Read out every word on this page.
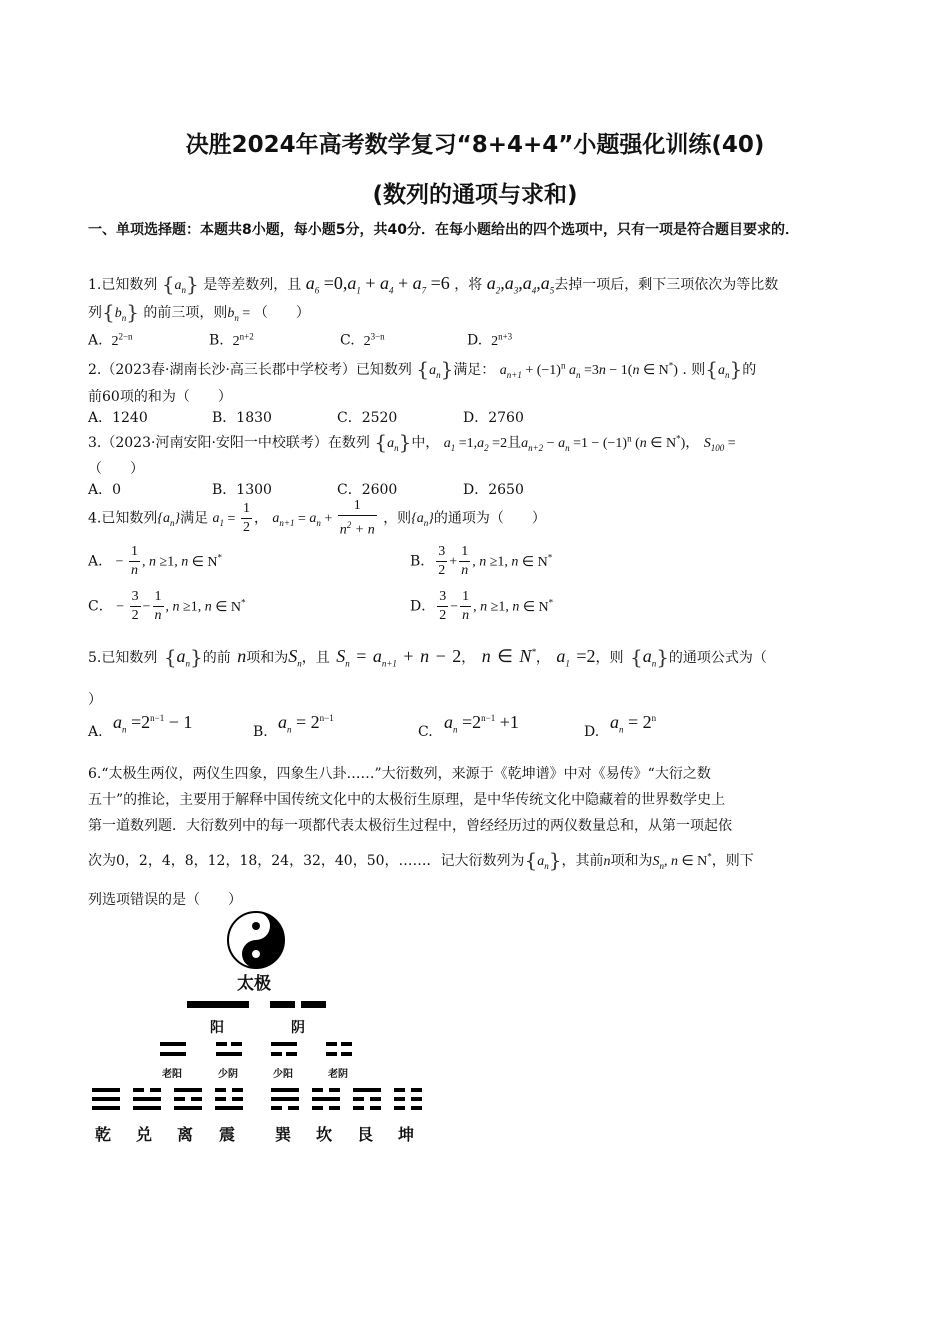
决胜2024年高考数学复习“8+4+4”小题强化训练(40)
(数列的通项与求和)
一、单项选择题：本题共8小题，每小题5分，共40分．在每小题给出的四个选项中，只有一项是符合题目要求的．
1.已知数列 $\{a_n\}$ 是等差数列，且 $a_6 =0,a_1 + a_4 + a_7 =6$ ，将 $a_2,a_3,a_4,a_5$去掉一项后，剩下三项依次为等比数
列$\{b_n\}$ 的前三项，则$b_n$ = （　　）
A. $2^{2-n}$	B. $2^{n+2}$	C. $2^{3-n}$	D. $2^{n+3}$
2.（2023春·湖南长沙·高三长郡中学校考）已知数列 $\{a_n\}$满足： $a_{n+1} + (-1)^n$ $a_n =3n - 1(n$ ∈ N*) . 则$\{a_n\}$的
前60项的和为（　　）
A．1240	B．1830	C．2520	D．2760
3.（2023·河南安阳·安阳一中校联考）在数列 $\{a_n\}$中， $a_1 =1,a_2 =2$且$a_{n+2} - a_n =1 - (-1)^n$ (n ∈ N*)， $S_{100}$ =
（　　）
A．0	B．1300	C．2600	D．2650
4.已知数列$\{a_n\}$满足 $a_1 = \frac{1}{2}$ ， $a_{n+1} = a_n + \frac{1}{n^2 + n}$ ，则$\{a_n\}$的通项为（　　）
A． − $\frac{1}{n}$ , n ≥1, n ∈ N*	B． $\frac{3}{2} + \frac{1}{n}$ , n ≥1, n ∈ N*
C． − $\frac{3}{2} - \frac{1}{n}$ , n ≥1, n ∈ N*	D． $\frac{3}{2} - \frac{1}{n}$ , n ≥1, n ∈ N*
5.已知数列 $\{a_n\}$的前 n项和为$S_n$，且 $S_n = a_{n+1} + n - 2$， n ∈ N*， $a_1 =2$，则 $\{a_n\}$的通项公式为（
）
A. $a_n =2^{n-1} - 1$	B. $a_n = 2^{n-1}$
C. $a_n =2^{n-1} +1$	D. $a_n = 2^n$
6.“太极生两仪，两仪生四象，四象生八卦……”大衍数列，来源于《乾坤谱》中对《易传》“大衍之数
五十”的推论，主要用于解释中国传统文化中的太极衍生原理，是中华传统文化中隐藏着的世界数学史上
第一道数列题．大衍数列中的每一项都代表太极衍生过程中，曾经经历过的两仪数量总和，从第一项起依
次为0，2，4，8，12，18，24，32，40，50，……．记大衍数列为$\{a_n\}$，其前n项和为$S_n$, n ∈ N*，则下
列选项错误的是（　　）
太极
阳	阴
老阳	少阴	少阳	老阴
乾 兑 离 震 巽 坎 艮 坤
